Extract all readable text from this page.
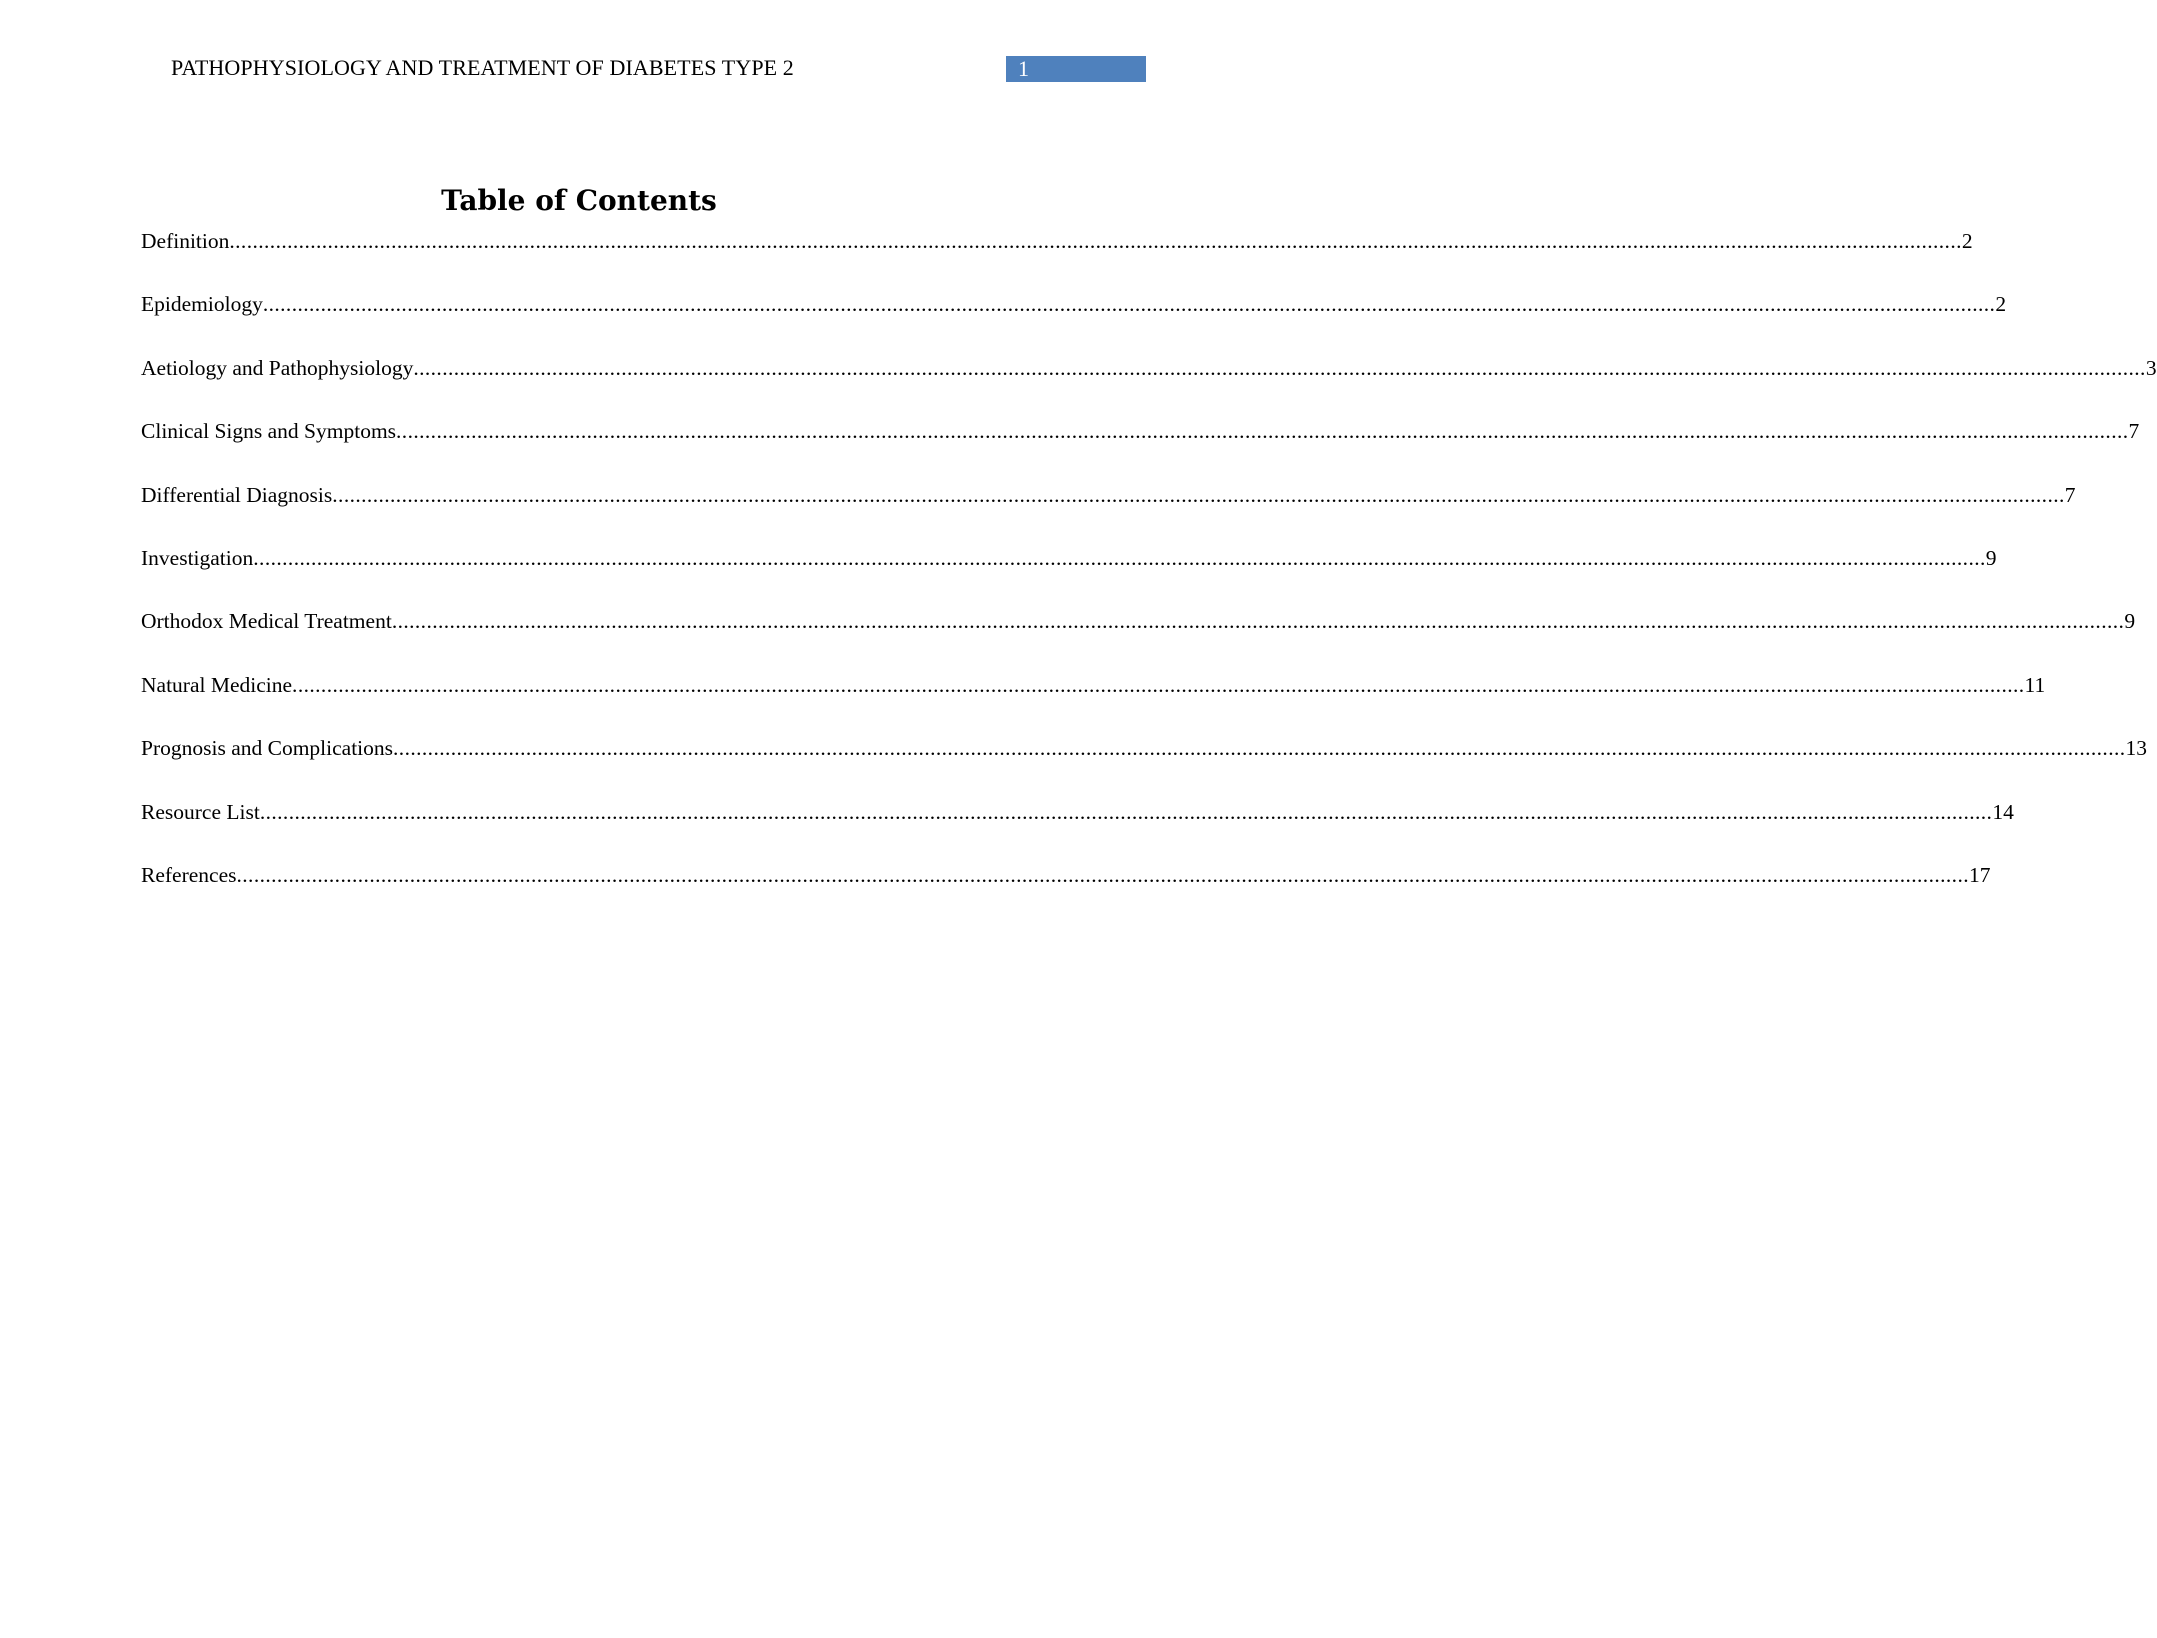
PATHOPHYSIOLOGY AND TREATMENT OF DIABETES TYPE 2	1
Table of Contents
Definition ............................................................................................................................................................................................................................................................................................................ 2
Epidemiology ............................................................................................................................................................................................................................................................................................................ 2
Aetiology and Pathophysiology ............................................................................................................................................................................................................................................................................................................ 3
Clinical Signs and Symptoms ............................................................................................................................................................................................................................................................................................................ 7
Differential Diagnosis ............................................................................................................................................................................................................................................................................................................ 7
Investigation ............................................................................................................................................................................................................................................................................................................ 9
Orthodox Medical Treatment ............................................................................................................................................................................................................................................................................................................ 9
Natural Medicine ............................................................................................................................................................................................................................................................................................................ 11
Prognosis and Complications ............................................................................................................................................................................................................................................................................................................ 13
Resource List ............................................................................................................................................................................................................................................................................................................ 14
References ............................................................................................................................................................................................................................................................................................................ 17
